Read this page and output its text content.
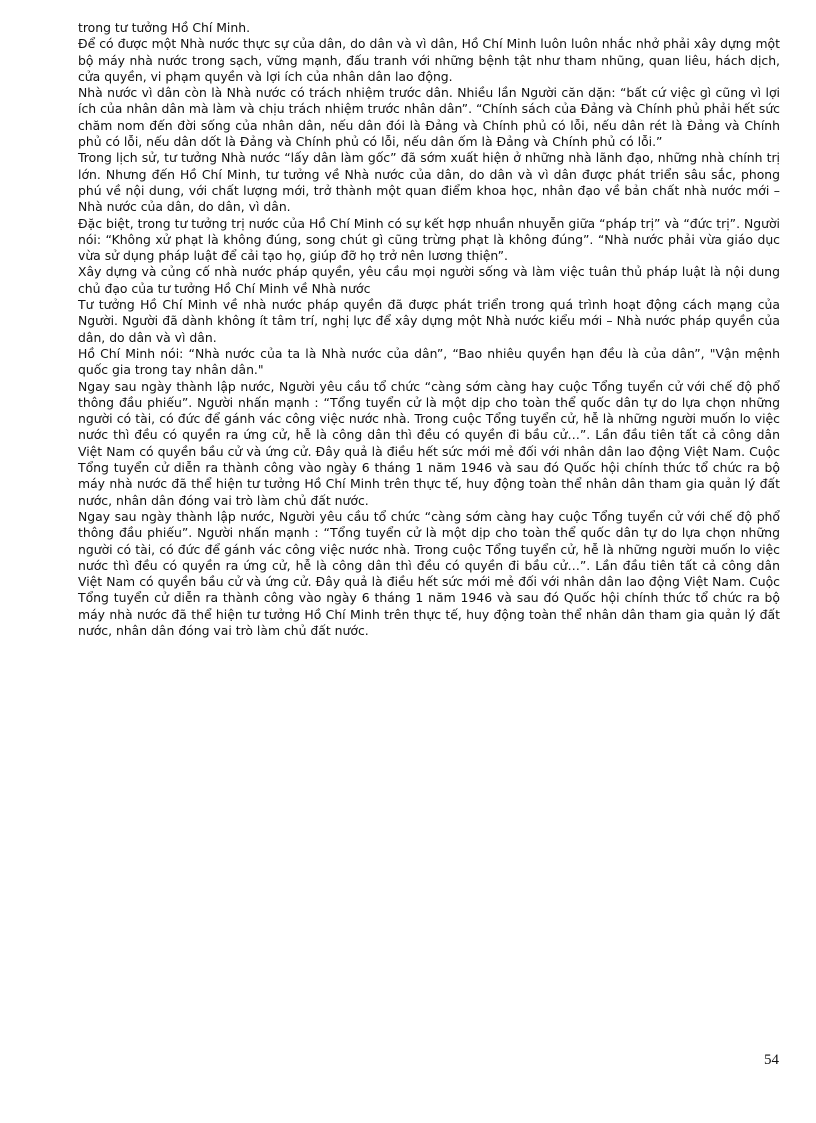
trong tư tưởng Hồ Chí Minh.

Để có được một Nhà nước thực sự của dân, do dân và vì dân, Hồ Chí Minh luôn luôn nhắc nhở phải xây dựng một bộ máy nhà nước trong sạch, vững mạnh, đấu tranh với những bệnh tật như tham nhũng, quan liêu, hách dịch, cửa quyền, vi phạm quyền và lợi ích của nhân dân lao động.

Nhà nước vì dân còn là Nhà nước có trách nhiệm trước dân. Nhiều lần Người căn dặn: “bất cứ việc gì cũng vì lợi ích của nhân dân mà làm và chịu trách nhiệm trước nhân dân”. “Chính sách của Đảng và Chính phủ phải hết sức chăm nom đến đời sống của nhân dân, nếu dân đói là Đảng và Chính phủ có lỗi, nếu dân rét là Đảng và Chính phủ có lỗi, nếu dân dốt là Đảng và Chính phủ có lỗi, nếu dân ốm là Đảng và Chính phủ có lỗi.”

Trong lịch sử, tư tưởng Nhà nước “lấy dân làm gốc” đã sớm xuất hiện ở những nhà lãnh đạo, những nhà chính trị lớn. Nhưng đến Hồ Chí Minh, tư tưởng về Nhà nước của dân, do dân và vì dân được phát triển sâu sắc, phong phú về nội dung, với chất lượng mới, trở thành một quan điểm khoa học, nhân đạo về bản chất nhà nước mới – Nhà nước của dân, do dân, vì dân.

Đặc biệt, trong tư tưởng trị nước của Hồ Chí Minh có sự kết hợp nhuần nhuyễn giữa “pháp trị” và “đức trị”. Người nói: “Không xử phạt là không đúng, song chút gì cũng trừng phạt là không đúng”. “Nhà nước phải vừa giáo dục vừa sử dụng pháp luật để cải tạo họ, giúp đỡ họ trở nên lương thiện”.

Xây dựng và củng cố nhà nước pháp quyền, yêu cầu mọi người sống và làm việc tuân thủ pháp luật là nội dung chủ đạo của tư tưởng Hồ Chí Minh về Nhà nước

Tư tưởng Hồ Chí Minh về nhà nước pháp quyền đã được phát triển trong quá trình hoạt động cách mạng của Người. Người đã dành không ít tâm trí, nghị lực để xây dựng một Nhà nước kiểu mới – Nhà nước pháp quyền của dân, do dân và vì dân.

Hồ Chí Minh nói: “Nhà nước của ta là Nhà nước của dân”, “Bao nhiêu quyền hạn đều là của dân”, "Vận mệnh quốc gia trong tay nhân dân."

Ngay sau ngày thành lập nước, Người yêu cầu tổ chức “càng sớm càng hay cuộc Tổng tuyển cử với chế độ phổ thông đầu phiếu”. Người nhấn mạnh : “Tổng tuyển cử là một dịp cho toàn thể quốc dân tự do lựa chọn những người có tài, có đức để gánh vác công việc nước nhà. Trong cuộc Tổng tuyển cử, hễ là những người muốn lo việc nước thì đều có quyền ra ứng cử, hễ là công dân thì đều có quyền đi bầu cử…”. Lần đầu tiên tất cả công dân Việt Nam có quyền bầu cử và ứng cử. Đây quả là điều hết sức mới mẻ đối với nhân dân lao động Việt Nam. Cuộc Tổng tuyển cử diễn ra thành công vào ngày 6 tháng 1 năm 1946 và sau đó Quốc hội chính thức tổ chức ra bộ máy nhà nước đã thể hiện tư tưởng Hồ Chí Minh trên thực tế, huy động toàn thể nhân dân tham gia quản lý đất nước, nhân dân đóng vai trò làm chủ đất nước.

Ngay sau ngày thành lập nước, Người yêu cầu tổ chức “càng sớm càng hay cuộc Tổng tuyển cử với chế độ phổ thông đầu phiếu”. Người nhấn mạnh : “Tổng tuyển cử là một dịp cho toàn thể quốc dân tự do lựa chọn những người có tài, có đức để gánh vác công việc nước nhà. Trong cuộc Tổng tuyển cử, hễ là những người muốn lo việc nước thì đều có quyền ra ứng cử, hễ là công dân thì đều có quyền đi bầu cử…”. Lần đầu tiên tất cả công dân Việt Nam có quyền bầu cử và ứng cử. Đây quả là điều hết sức mới mẻ đối với nhân dân lao động Việt Nam. Cuộc Tổng tuyển cử diễn ra thành công vào ngày 6 tháng 1 năm 1946 và sau đó Quốc hội chính thức tổ chức ra bộ máy nhà nước đã thể hiện tư tưởng Hồ Chí Minh trên thực tế, huy động toàn thể nhân dân tham gia quản lý đất nước, nhân dân đóng vai trò làm chủ đất nước.

54
